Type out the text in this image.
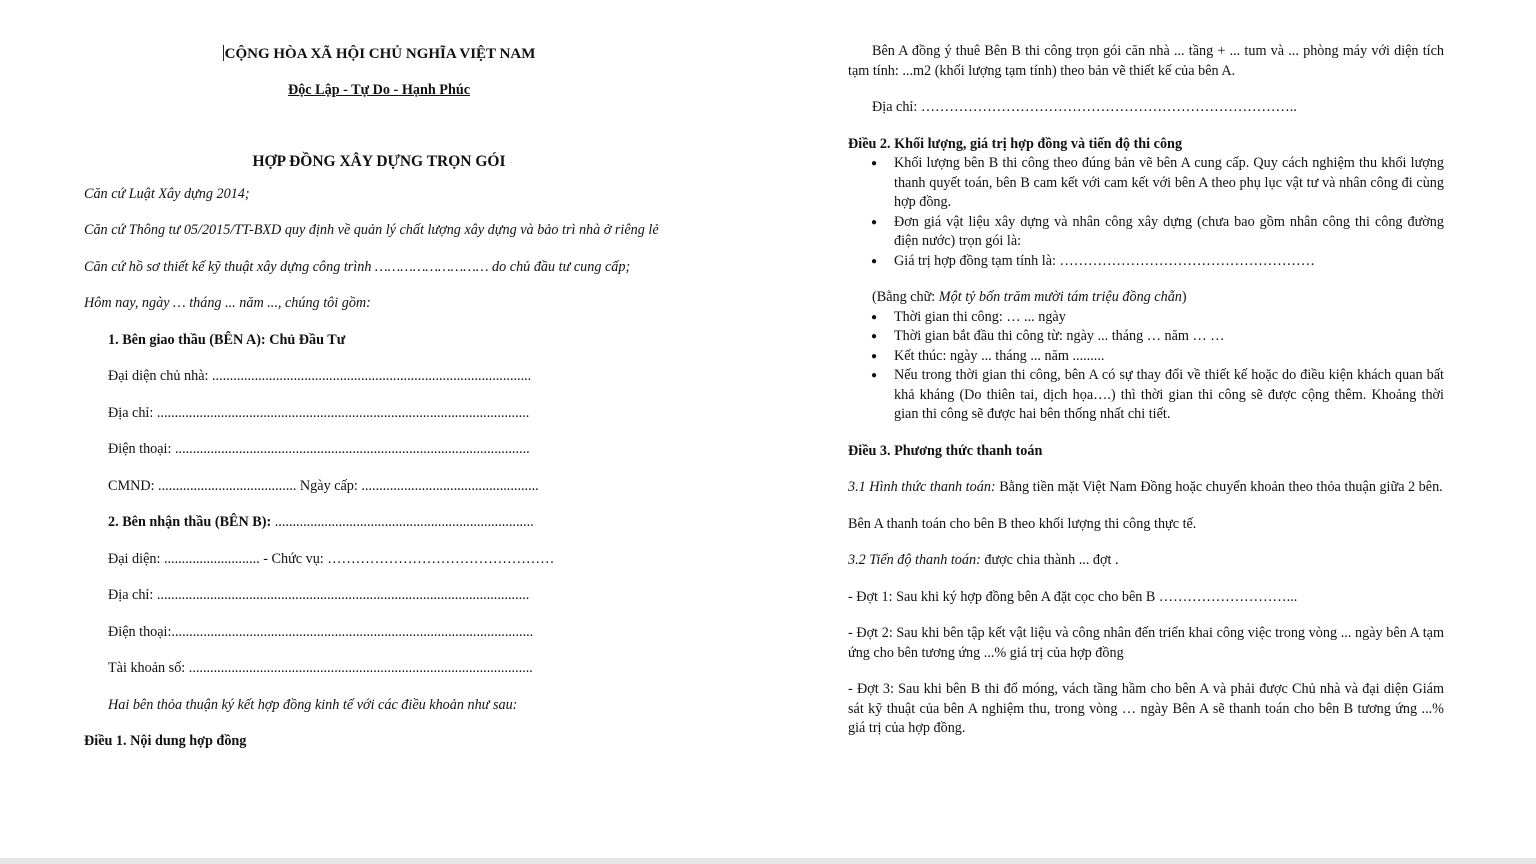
CỘNG HÒA XÃ HỘI CHỦ NGHĨA VIỆT NAM

Độc Lập - Tự Do - Hạnh Phúc

HỢP ĐỒNG XÂY DỰNG TRỌN GÓI

Căn cứ Luật Xây dựng 2014;

Căn cứ Thông tư 05/2015/TT-BXD quy định về quản lý chất lượng xây dựng và bảo trì nhà ở riêng lẻ

Căn cứ hồ sơ thiết kế kỹ thuật xây dựng công trình ……………………… do chủ đầu tư cung cấp;

Hôm nay, ngày … tháng ... năm ..., chúng tôi gồm:

1. Bên giao thầu (BÊN A): Chủ Đầu Tư

Đại diện chủ nhà: ..........................................................................................

Địa chỉ: .........................................................................................................

Điện thoại: ....................................................................................................

CMND: ....................................... Ngày cấp: ..................................................

2. Bên nhận thầu (BÊN B): .........................................................................

Đại diện: ........................... - Chức vụ: …………………………………………

Địa chỉ: .........................................................................................................

Điện thoại:......................................................................................................

Tài khoản số: .................................................................................................

Hai bên thỏa thuận ký kết hợp đồng kinh tế với các điều khoản như sau:

Điều 1. Nội dung hợp đồng

Bên A đồng ý thuê Bên B thi công trọn gói căn nhà ... tầng + ... tum và ... phòng máy với diện tích tạm tính: ...m2 (khối lượng tạm tính) theo bản vẽ thiết kế của bên A.

Địa chỉ: ……………………………………………………………………..

Điều 2. Khối lượng, giá trị hợp đồng và tiến độ thi công

● Khối lượng bên B thi công theo đúng bản vẽ bên A cung cấp. Quy cách nghiệm thu khối lượng thanh quyết toán, bên B cam kết với cam kết với bên A theo phụ lục vật tư và nhân công đi cùng hợp đồng.
● Đơn giá vật liệu xây dựng và nhân công xây dựng (chưa bao gồm nhân công thi công đường điện nước) trọn gói là:
● Giá trị hợp đồng tạm tính là: ………………………………………………

(Bằng chữ: Một tỷ bốn trăm mười tám triệu đồng chẵn)

● Thời gian thi công: … ... ngày
● Thời gian bắt đầu thi công từ: ngày ... tháng … năm … …
● Kết thúc: ngày ... tháng ... năm .........
● Nếu trong thời gian thi công, bên A có sự thay đổi về thiết kế hoặc do điều kiện khách quan bất khả kháng (Do thiên tai, dịch họa….) thì thời gian thi công sẽ được cộng thêm. Khoảng thời gian thi công sẽ được hai bên thống nhất chi tiết.

Điều 3. Phương thức thanh toán

3.1 Hình thức thanh toán: Bằng tiền mặt Việt Nam Đồng hoặc chuyển khoản theo thỏa thuận giữa 2 bên.

Bên A thanh toán cho bên B theo khối lượng thi công thực tế.

3.2 Tiến độ thanh toán: được chia thành ... đợt .

- Đợt 1: Sau khi ký hợp đồng bên A đặt cọc cho bên B ………………………...

- Đợt 2: Sau khi bên tập kết vật liệu và công nhân đến triển khai công việc trong vòng ... ngày bên A tạm ứng cho bên tương ứng ...% giá trị của hợp đồng

- Đợt 3: Sau khi bên B thi đổ móng, vách tầng hầm cho bên A và phải được Chủ nhà và đại diện Giám sát kỹ thuật của bên A nghiệm thu, trong vòng … ngày Bên A sẽ thanh toán cho bên B tương ứng ...% giá trị của hợp đồng.
